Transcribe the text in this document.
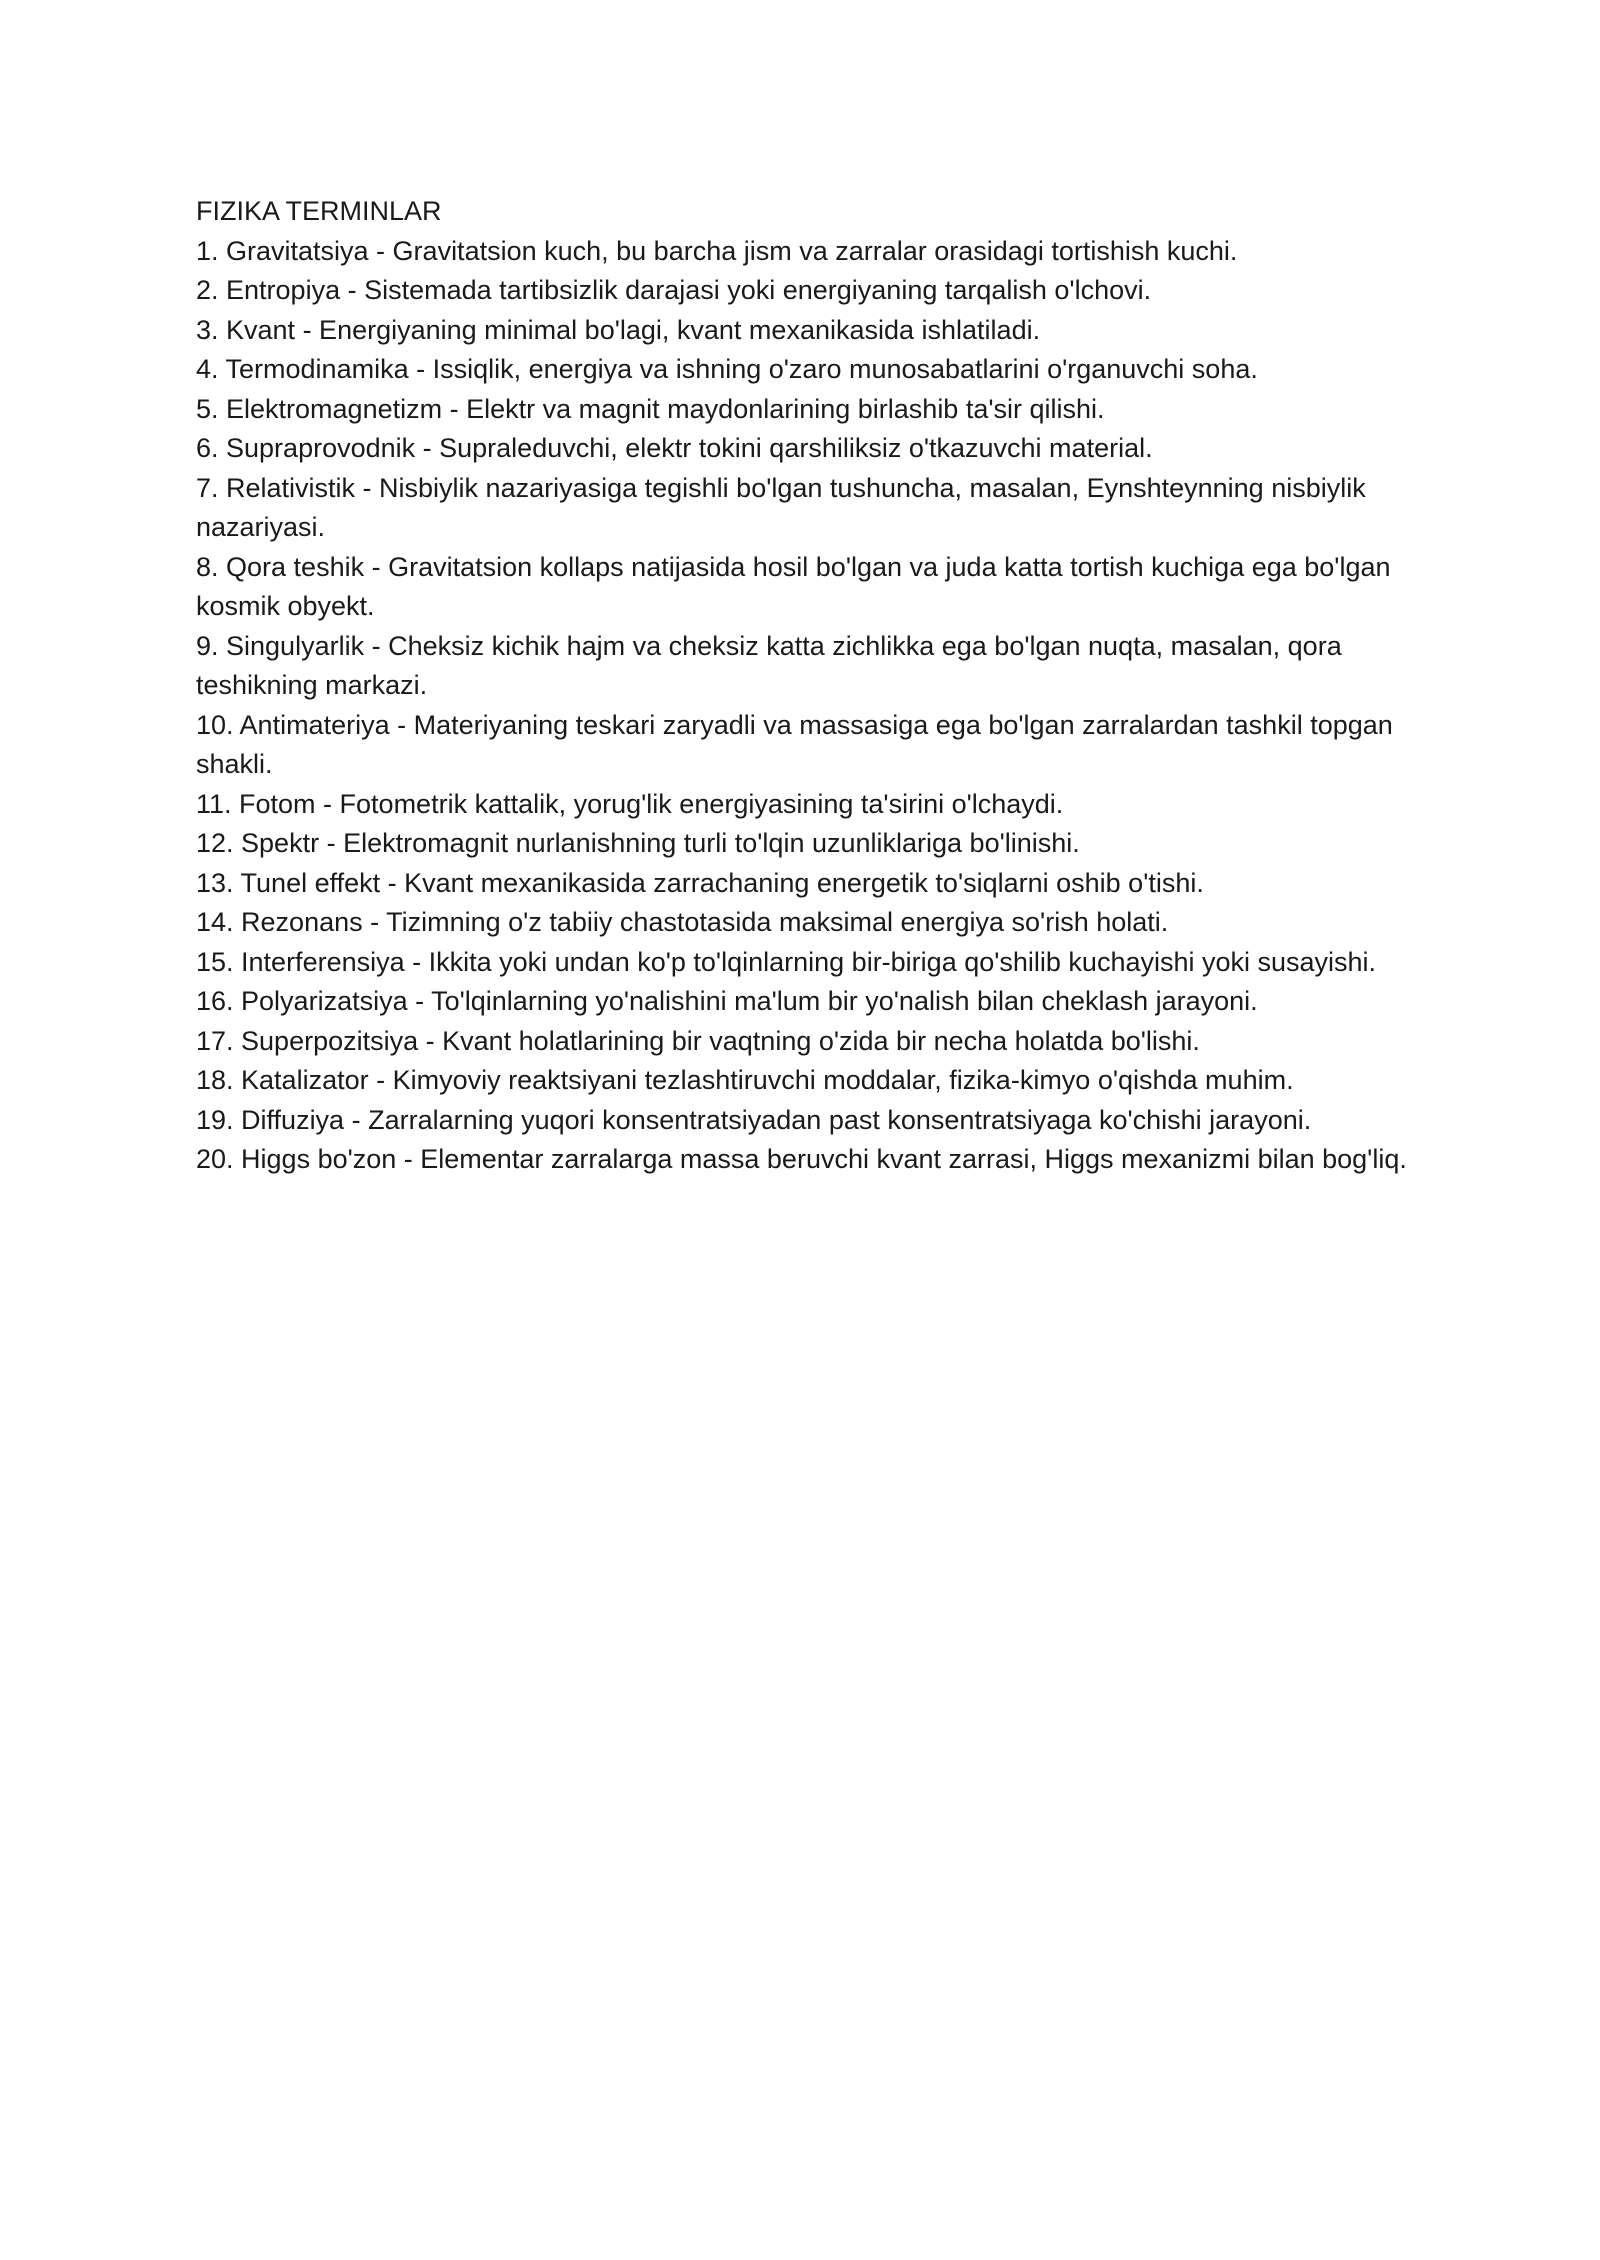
FIZIKA TERMINLAR
1. Gravitatsiya - Gravitatsion kuch, bu barcha jism va zarralar orasidagi tortishish kuchi.
2. Entropiya - Sistemada tartibsizlik darajasi yoki energiyaning tarqalish o'lchovi.
3. Kvant - Energiyaning minimal bo'lagi, kvant mexanikasida ishlatiladi.
4. Termodinamika - Issiqlik, energiya va ishning o'zaro munosabatlarini o'rganuvchi soha.
5. Elektromagnetizm - Elektr va magnit maydonlarining birlashib ta'sir qilishi.
6. Supraprovodnik - Supraleduvchi, elektr tokini qarshiliksiz o'tkazuvchi material.
7. Relativistik - Nisbiylik nazariyasiga tegishli bo'lgan tushuncha, masalan, Eynshteynning nisbiylik nazariyasi.
8. Qora teshik - Gravitatsion kollaps natijasida hosil bo'lgan va juda katta tortish kuchiga ega bo'lgan kosmik obyekt.
9. Singulyarlik - Cheksiz kichik hajm va cheksiz katta zichlikka ega bo'lgan nuqta, masalan, qora teshikning markazi.
10. Antimateriya - Materiyaning teskari zaryadli va massasiga ega bo'lgan zarralardan tashkil topgan shakli.
11. Fotom - Fotometrik kattalik, yorug'lik energiyasining ta'sirini o'lchaydi.
12. Spektr - Elektromagnit nurlanishning turli to'lqin uzunliklariga bo'linishi.
13. Tunel effekt - Kvant mexanikasida zarrachaning energetik to'siqlarni oshib o'tishi.
14. Rezonans - Tizimning o'z tabiiy chastotasida maksimal energiya so'rish holati.
15. Interferensiya - Ikkita yoki undan ko'p to'lqinlarning bir-biriga qo'shilib kuchayishi yoki susayishi.
16. Polyarizatsiya - To'lqinlarning yo'nalishini ma'lum bir yo'nalish bilan cheklash jarayoni.
17. Superpozitsiya - Kvant holatlarining bir vaqtning o'zida bir necha holatda bo'lishi.
18. Katalizator - Kimyoviy reaktsiyani tezlashtiruvchi moddalar, fizika-kimyo o'qishda muhim.
19. Diffuziya - Zarralarning yuqori konsentratsiyadan past konsentratsiyaga ko'chishi jarayoni.
20. Higgs bo'zon - Elementar zarralarga massa beruvchi kvant zarrasi, Higgs mexanizmi bilan bog'liq.
